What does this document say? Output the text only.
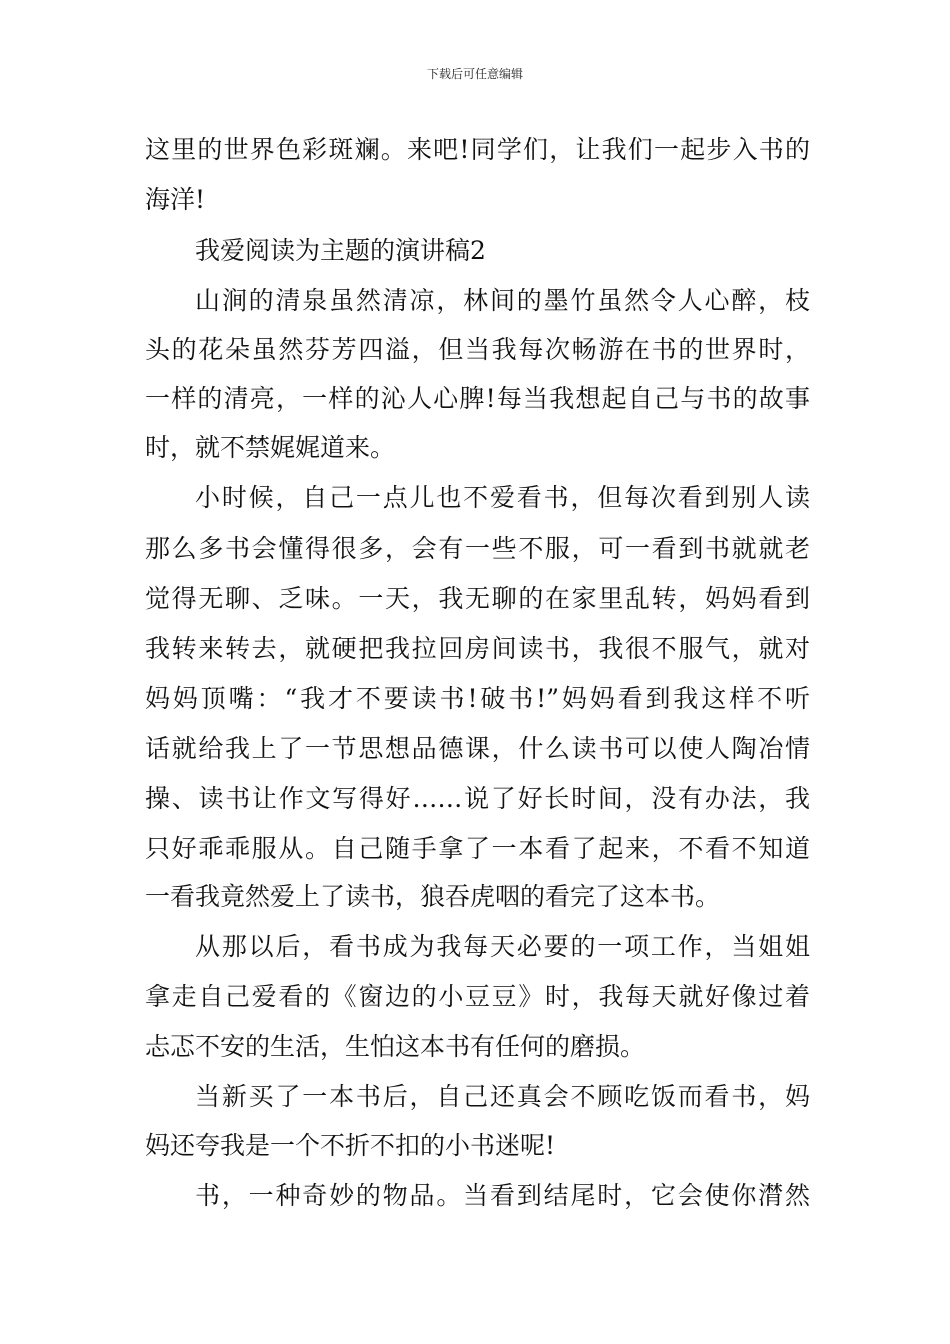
下载后可任意编辑
这里的世界色彩斑斓。来吧!同学们，让我们一起步入书的
海洋!
我爱阅读为主题的演讲稿2
山涧的清泉虽然清凉，林间的墨竹虽然令人心醉，枝
头的花朵虽然芬芳四溢，但当我每次畅游在书的世界时，
一样的清亮，一样的沁人心脾!每当我想起自己与书的故事
时，就不禁娓娓道来。
小时候，自己一点儿也不爱看书，但每次看到别人读
那么多书会懂得很多，会有一些不服，可一看到书就就老
觉得无聊、乏味。一天，我无聊的在家里乱转，妈妈看到
我转来转去，就硬把我拉回房间读书，我很不服气，就对
妈妈顶嘴：“我才不要读书!破书!”妈妈看到我这样不听
话就给我上了一节思想品德课，什么读书可以使人陶冶情
操、读书让作文写得好……说了好长时间，没有办法，我
只好乖乖服从。自己随手拿了一本看了起来，不看不知道
一看我竟然爱上了读书，狼吞虎咽的看完了这本书。
从那以后，看书成为我每天必要的一项工作，当姐姐
拿走自己爱看的《窗边的小豆豆》时，我每天就好像过着
忐忑不安的生活，生怕这本书有任何的磨损。
当新买了一本书后，自己还真会不顾吃饭而看书，妈
妈还夸我是一个不折不扣的小书迷呢!
书，一种奇妙的物品。当看到结尾时，它会使你潸然
